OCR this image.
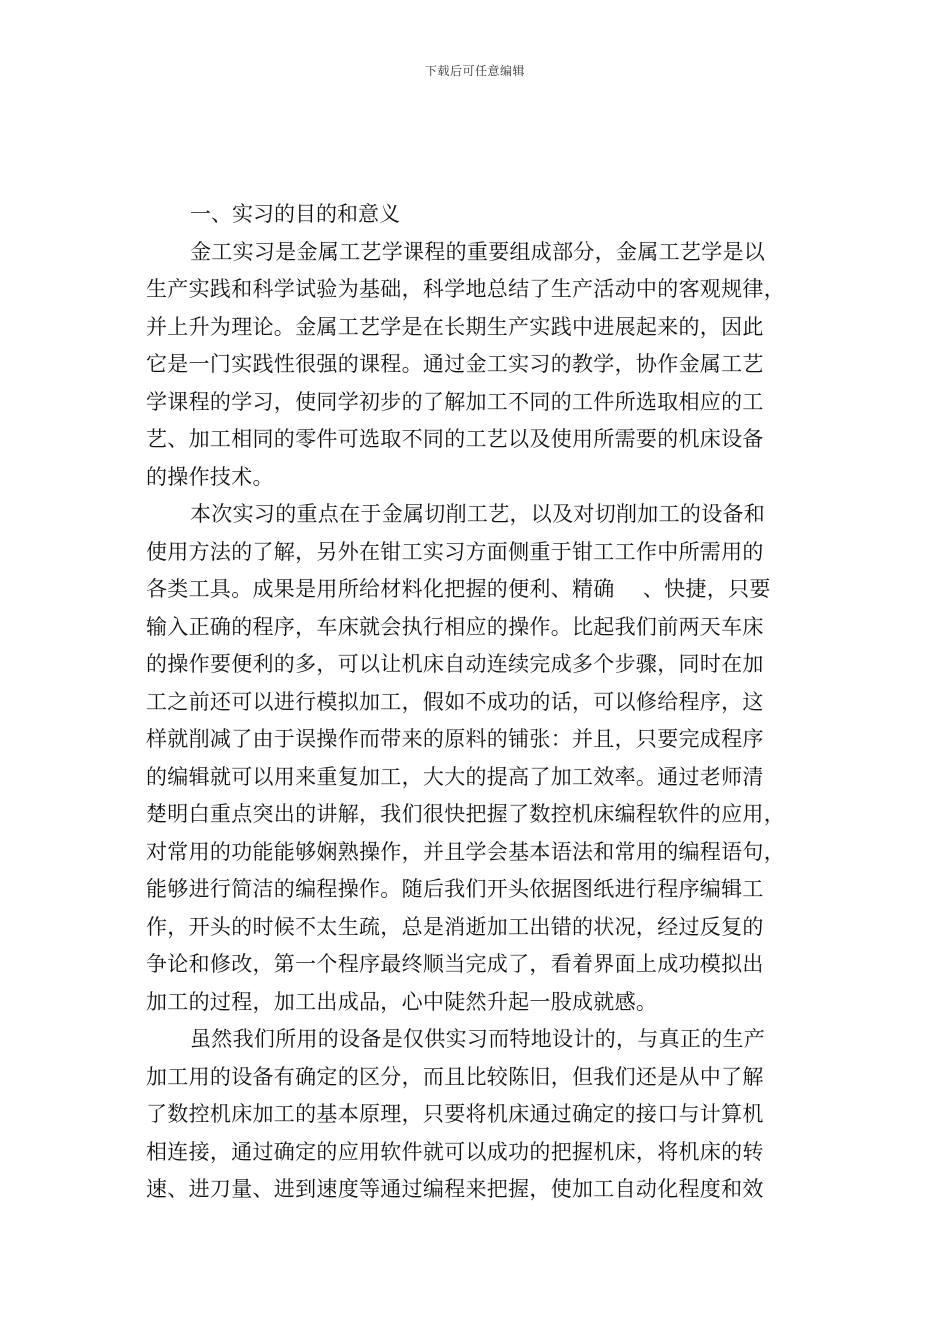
下载后可任意编辑
一、实习的目的和意义
金工实习是金属工艺学课程的重要组成部分，金属工艺学是以
生产实践和科学试验为基础，科学地总结了生产活动中的客观规律，
并上升为理论。金属工艺学是在长期生产实践中进展起来的，因此
它是一门实践性很强的课程。通过金工实习的教学，协作金属工艺
学课程的学习，使同学初步的了解加工不同的工件所选取相应的工
艺、加工相同的零件可选取不同的工艺以及使用所需要的机床设备
的操作技术。
本次实习的重点在于金属切削工艺，以及对切削加工的设备和
使用方法的了解，另外在钳工实习方面侧重于钳工工作中所需用的
各类工具。成果是用所给材料化把握的便利、精确　 、快捷，只要
输入正确的程序，车床就会执行相应的操作。比起我们前两天车床
的操作要便利的多，可以让机床自动连续完成多个步骤，同时在加
工之前还可以进行模拟加工，假如不成功的话，可以修给程序，这
样就削减了由于误操作而带来的原料的铺张：并且，只要完成程序
的编辑就可以用来重复加工，大大的提高了加工效率。通过老师清
楚明白重点突出的讲解，我们很快把握了数控机床编程软件的应用，
对常用的功能能够娴熟操作，并且学会基本语法和常用的编程语句，
能够进行简洁的编程操作。随后我们开头依据图纸进行程序编辑工
作，开头的时候不太生疏，总是消逝加工出错的状况，经过反复的
争论和修改，第一个程序最终顺当完成了，看着界面上成功模拟出
加工的过程，加工出成品，心中陡然升起一股成就感。
虽然我们所用的设备是仅供实习而特地设计的，与真正的生产
加工用的设备有确定的区分，而且比较陈旧，但我们还是从中了解
了数控机床加工的基本原理，只要将机床通过确定的接口与计算机
相连接，通过确定的应用软件就可以成功的把握机床，将机床的转
速、进刀量、进到速度等通过编程来把握，使加工自动化程度和效
